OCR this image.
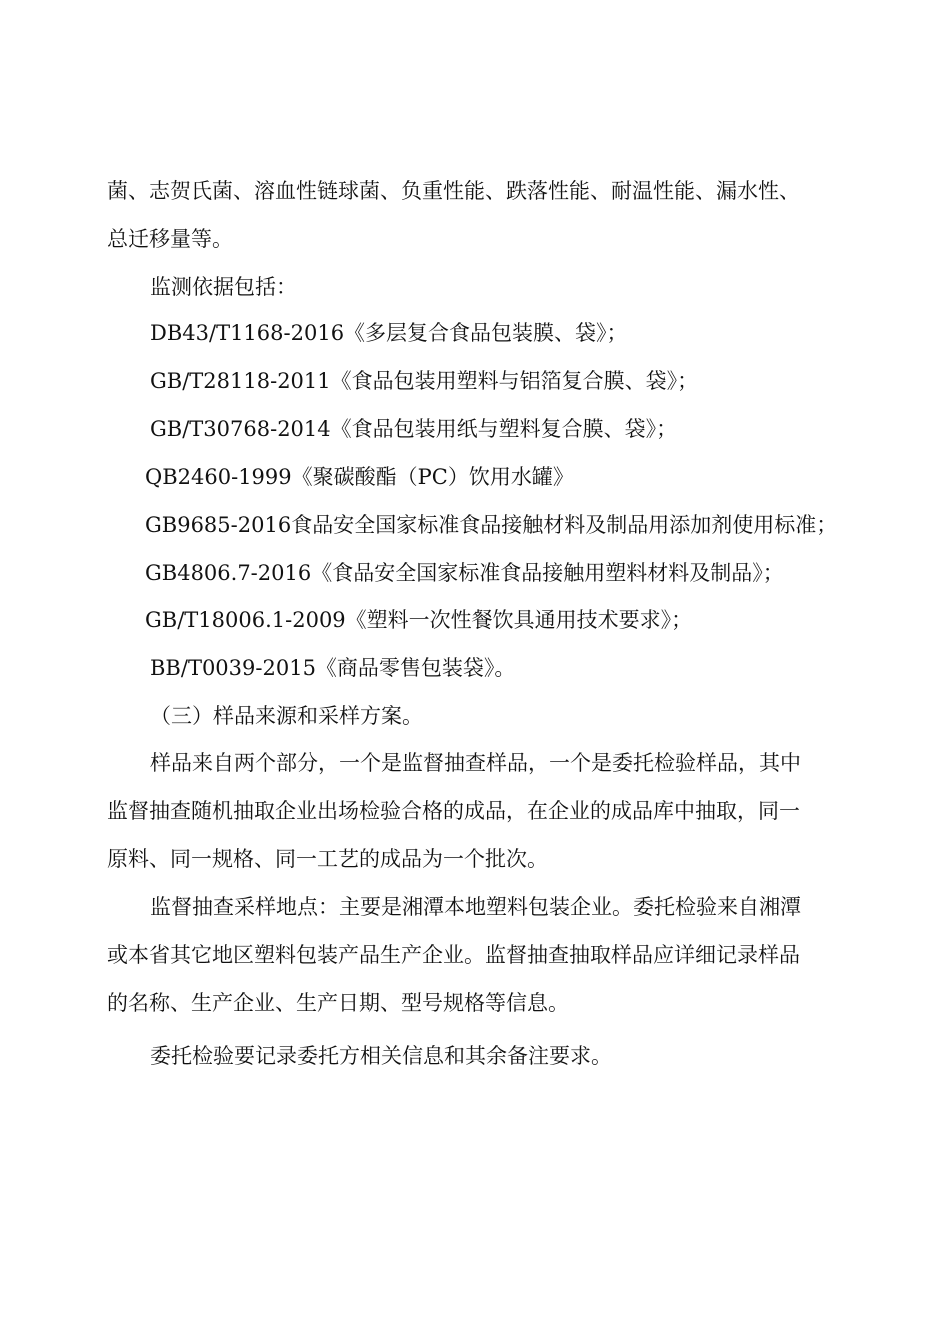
菌、志贺氏菌、溶血性链球菌、负重性能、跌落性能、耐温性能、漏水性、
总迁移量等。
监测依据包括：
DB43/T1168-2016《多层复合食品包装膜、袋》；
GB/T28118-2011《食品包装用塑料与铝箔复合膜、袋》；
GB/T30768-2014《食品包装用纸与塑料复合膜、袋》；
QB2460-1999《聚碳酸酯（PC）饮用水罐》
GB9685-2016食品安全国家标准食品接触材料及制品用添加剂使用标准；
GB4806.7-2016《食品安全国家标准食品接触用塑料材料及制品》；
GB/T18006.1-2009《塑料一次性餐饮具通用技术要求》；
BB/T0039-2015《商品零售包装袋》。
（三）样品来源和采样方案。
样品来自两个部分，一个是监督抽查样品，一个是委托检验样品，其中
监督抽查随机抽取企业出场检验合格的成品，在企业的成品库中抽取，同一
原料、同一规格、同一工艺的成品为一个批次。
监督抽查采样地点：主要是湘潭本地塑料包装企业。委托检验来自湘潭
或本省其它地区塑料包装产品生产企业。监督抽查抽取样品应详细记录样品
的名称、生产企业、生产日期、型号规格等信息。
委托检验要记录委托方相关信息和其余备注要求。
